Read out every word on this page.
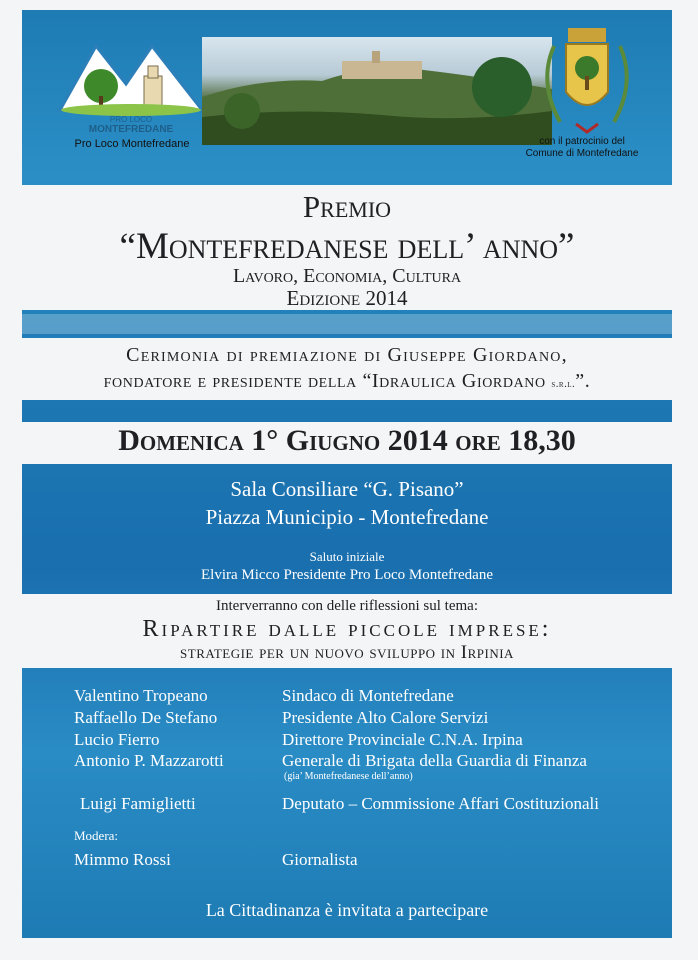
PRO LOCO
MONTEFREDANE
Pro Loco Montefredane	con il patrocinio del
Comune di Montefredane
Premio
“Montefredanese dell’ anno”
Lavoro, Economia, Cultura
Edizione 2014
Cerimonia di premiazione di Giuseppe Giordano,
fondatore e presidente della “Idraulica Giordano s.r.l.”.
Domenica 1° Giugno 2014 ore 18,30
Sala Consiliare “G. Pisano”
Piazza Municipio - Montefredane
Saluto iniziale
Elvira Micco Presidente Pro Loco Montefredane
Interverranno con delle riflessioni sul tema:
Ripartire dalle piccole imprese:
strategie per un nuovo sviluppo in Irpinia
Valentino Tropeano	Sindaco di Montefredane
Raffaello De Stefano	Presidente Alto Calore Servizi
Lucio Fierro	Direttore Provinciale C.N.A. Irpina
Antonio P. Mazzarotti	Generale di Brigata della Guardia di Finanza
(gia’ Montefredanese dell’anno)
Luigi Famiglietti	Deputato – Commissione Affari Costituzionali
Modera:
Mimmo Rossi	Giornalista
La Cittadinanza è invitata a partecipare
